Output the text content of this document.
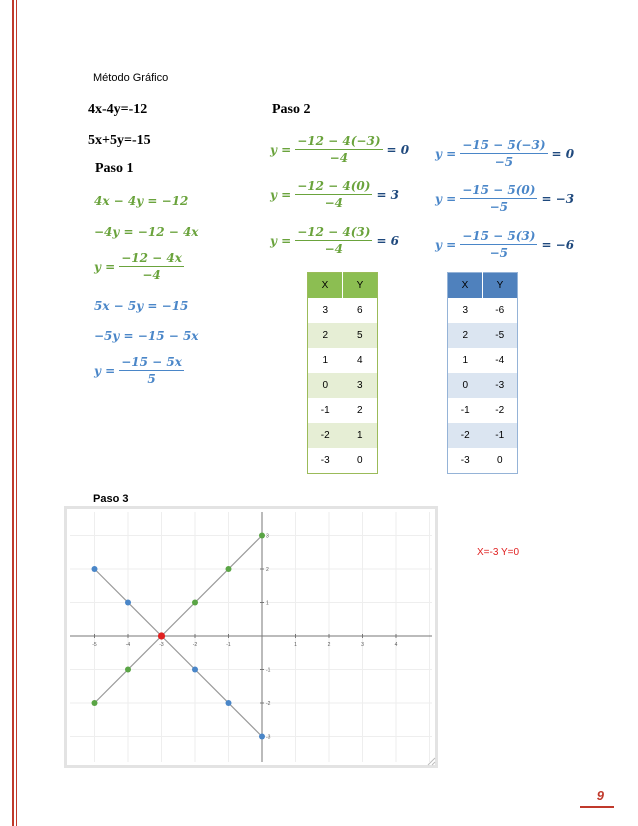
Método Gráfico
4x-4y=-12
5x+5y=-15
Paso 1
4x − 4y = −12
−4y = −12 − 4x
$y = \frac{-12 - 4x}{-4}$
5x − 5y = −15
−5y = −15 − 5x
$y = \frac{-15 - 5x}{5}$
Paso 2
$y = \frac{-12 - 4(-3)}{-4} = 0$
$y = \frac{-12 - 4(0)}{-4} = 3$
$y = \frac{-12 - 4(3)}{-4} = 6$
$y = \frac{-15 - 5(-3)}{-5} = 0$
$y = \frac{-15 - 5(0)}{-5} = -3$
$y = \frac{-15 - 5(3)}{-5} = -6$
X	Y
3	6
2	5
1	4
0	3
-1	2
-2	1
-3	0
X	Y
3	-6
2	-5
1	-4
0	-3
-1	-2
-2	-1
-3	0
Paso 3
-5	-4	-3	-2	-1	1	2	3	4
3
2
1
-1
-2
-3
X=-3 Y=0
9
